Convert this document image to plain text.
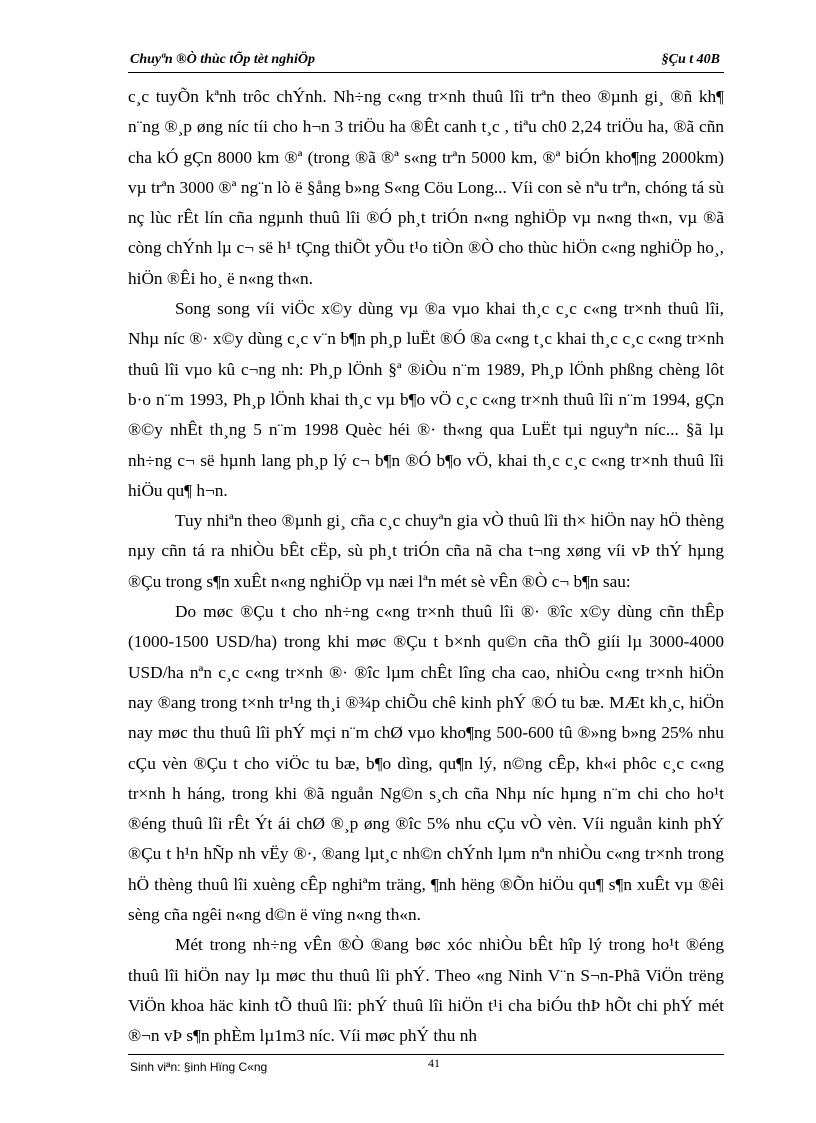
Chuyªn ®Ò thùc tÕp tèt nghiÖp	§Çu t 40B

c¸c tuyÕn kªnh trôc chÝnh. Nh÷ng c«ng tr×nh thuû lîi trªn theo ®µnh gi¸ ®ñ kh¶ n¨ng ®¸p øng níc tíi cho h¬n 3 triÖu ha ®Êt canh t¸c , tiªu ch0 2,24 triÖu ha, ®ã cñn cha kÓ gÇn 8000 km ®ª (trong ®ã ®ª s«ng trªn 5000 km, ®ª biÓn kho¶ng 2000km) vµ trªn 3000 ®ª ng¨n lò ë §ång b»ng S«ng Cöu Long... Víi con sè nªu trªn, chóng tá sù nç lùc rÊt lín cña ngµnh thuû lîi ®Ó ph¸t triÓn n«ng nghiÖp vµ n«ng th«n, vµ ®ã còng chÝnh lµ c¬ së h¹ tÇng thiÕt yÕu t¹o tiÒn ®Ò cho thùc hiÖn c«ng nghiÖp ho¸, hiÖn ®Êi ho¸ ë n«ng th«n.

Song song víi viÖc x©y dùng vµ ®a vµo khai th¸c c¸c c«ng tr×nh thuû lîi, Nhµ níc ®· x©y dùng c¸c v¨n b¶n ph¸p luËt ®Ó ®a c«ng t¸c khai th¸c c¸c c«ng tr×nh thuû lîi vµo kû c¬ng nh: Ph¸p lÖnh §ª ®iÒu n¨m 1989, Ph¸p lÖnh phßng chèng lôt b·o n¨m 1993, Ph¸p lÖnh khai th¸c vµ b¶o vÖ c¸c c«ng tr×nh thuû lîi n¨m 1994, gÇn ®©y nhÊt th¸ng 5 n¨m 1998 Quèc héi ®· th«ng qua LuËt tµi nguyªn níc... §ã lµ nh÷ng c¬ së hµnh lang ph¸p lý c¬ b¶n ®Ó b¶o vÖ, khai th¸c c¸c c«ng tr×nh thuû lîi hiÖu qu¶ h¬n.

Tuy nhiªn theo ®µnh gi¸ cña c¸c chuyªn gia vÒ thuû lîi th× hiÖn nay hÖ thèng nµy cñn tá ra nhiÒu bÊt cËp, sù ph¸t triÓn cña nã cha t¬ng xøng víi vÞ thÝ hµng ®Çu trong s¶n xuÊt n«ng nghiÖp vµ næi lªn mét sè vÊn ®Ò c¬ b¶n sau:

Do møc ®Çu t cho nh÷ng c«ng tr×nh thuû lîi ®· ®îc x©y dùng cñn thÊp (1000-1500 USD/ha) trong khi møc ®Çu t b×nh qu©n cña thÕ giíi lµ 3000-4000 USD/ha nªn c¸c c«ng tr×nh ®· ®îc lµm chÊt lîng cha cao, nhiÒu c«ng tr×nh hiÖn nay ®ang trong t×nh tr¹ng th¸i ®¾p chiÕu chê kinh phÝ ®Ó tu bæ. MÆt kh¸c, hiÖn nay møc thu thuû lîi phÝ mçi n¨m chØ vµo kho¶ng 500-600 tû ®»ng b»ng 25% nhu cÇu vèn ®Çu t cho viÖc tu bæ, b¶o dìng, qu¶n lý, n©ng cÊp, kh«i phôc c¸c c«ng tr×nh h háng, trong khi ®ã nguån Ng©n s¸ch cña Nhµ níc hµng n¨m chi cho ho¹t ®éng thuû lîi rÊt Ýt ái chØ ®¸p øng ®îc 5% nhu cÇu vÒ vèn. Víi nguån kinh phÝ ®Çu t h¹n hÑp nh vËy ®·, ®ang lµt¸c nh©n chÝnh lµm nªn nhiÒu c«ng tr×nh trong hÖ thèng thuû lîi xuèng cÊp nghiªm träng, ¶nh hëng ®Õn hiÖu qu¶ s¶n xuÊt vµ ®êi sèng cña ngêi n«ng d©n ë vïng n«ng th«n.

Mét trong nh÷ng vÊn ®Ò ®ang bøc xóc nhiÒu bÊt hîp lý trong ho¹t ®éng thuû lîi hiÖn nay lµ møc thu thuû lîi phÝ. Theo «ng Ninh V¨n S¬n-Phã ViÖn trëng ViÖn khoa häc kinh tÕ thuû lîi: phÝ thuû lîi hiÖn t¹i cha biÓu thÞ hÕt chi phÝ mét ®¬n vÞ s¶n phÈm lµ1m3 níc. Víi møc phÝ thu nh

Sinh viªn: §inh Hïng C«ng	41
